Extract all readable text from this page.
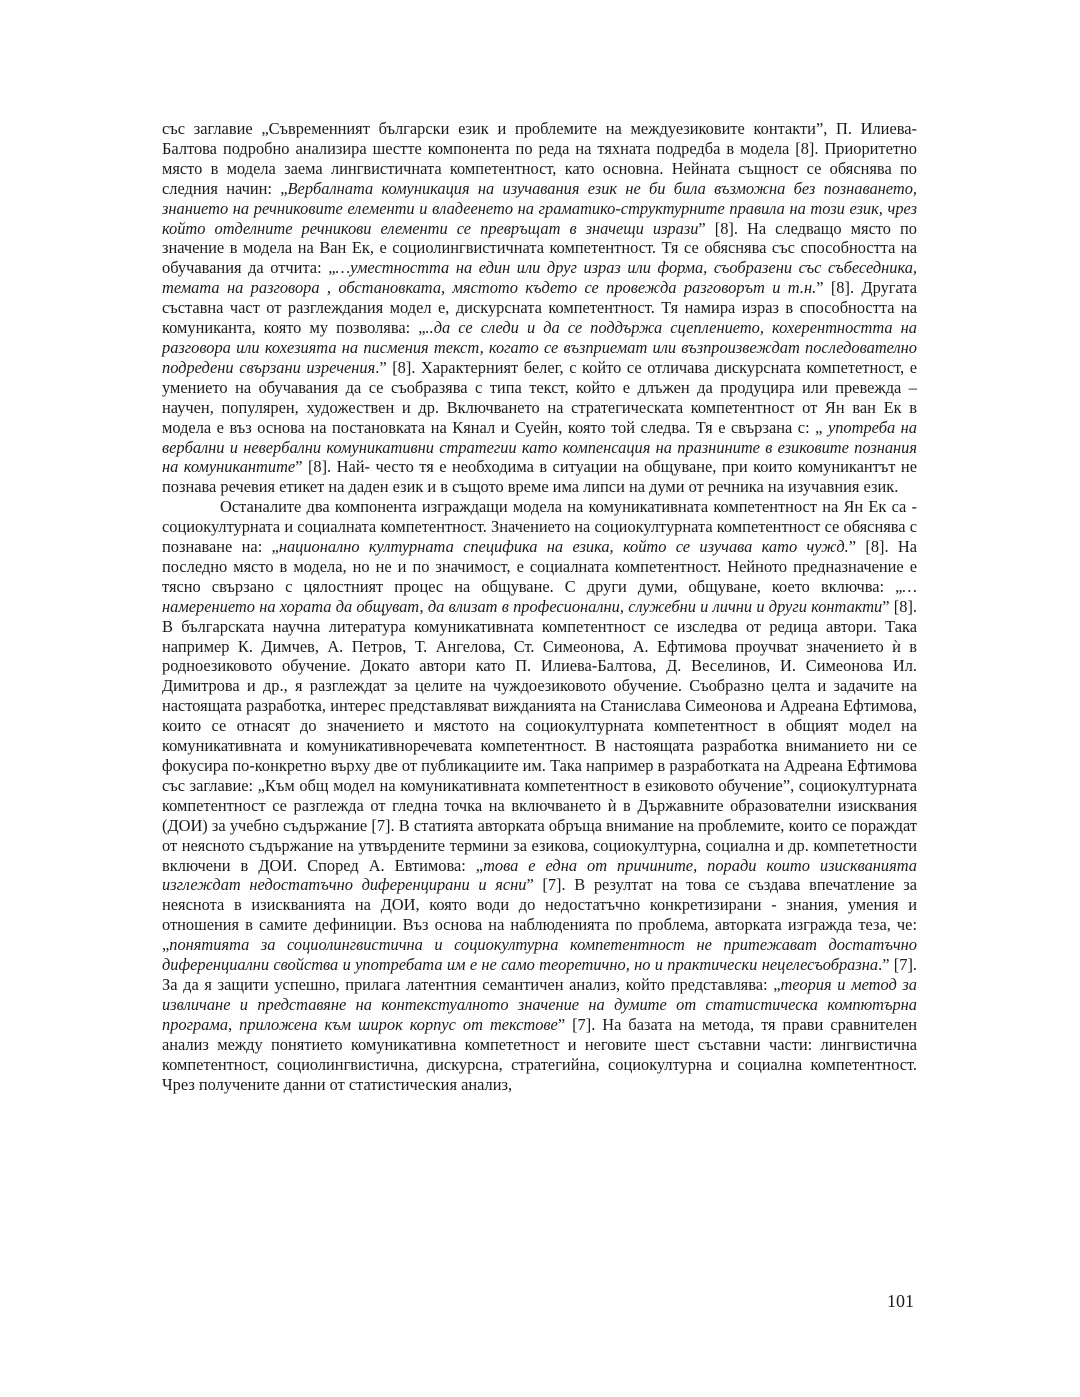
със заглавие „Съвременният български език и проблемите на междуезиковите контакти”, П. Илиева-Балтова подробно анализира шестте компонента по реда на тяхната подредба в модела [8]. Приоритетно място в модела заема лингвистичната компетентност, като основна. Нейната същност се обяснява по следния начин: „Вербалната комуникация на изучавания език не би била възможна без познаването, знанието на речниковите елементи и владеенето на граматико-структурните правила на този език, чрез който отделните речникови елементи се превръщат в значещи изрази” [8]. На следващо място по значение в модела на Ван Ек, е социолингвистичната компетентност. Тя се обяснява със способността на обучавания да отчита: „…уместността на един или друг израз или форма, съобразени със събеседника, темата на разговора , обстановката, мястото където се провежда разговорът и т.н.” [8]. Другата съставна част от разглеждания модел е, дискурсната компетентност. Тя намира израз в способността на комуниканта, която му позволява: „..да се следи и да се поддържа сцеплението, кохерентността на разговора или кохезията на писмения текст, когато се възприемат или възпроизвеждат последователно подредени свързани изречения.” [8]. Характерният белег, с който се отличава дискурсната компететност, е умението на обучавания да се съобразява с типа текст, който е длъжен да продуцира или превежда – научен, популярен, художествен и др. Включването на стратегическата компетентност от Ян ван Ек в модела е въз основа на постановката на Кянал и Суейн, която той следва. Тя е свързана с: „ употреба на вербални и невербални комуникативни стратегии като компенсация на празнините в езиковите познания на комуникантите” [8]. Най- често тя е необходима в ситуации на общуване, при които комуникантът не познава речевия етикет на даден език и в същото време има липси на думи от речника на изучавния език.

Останалите два компонента изграждащи модела на комуникативната компетентност на Ян Ек са - социокултурната и социалната компетентност. Значението на социокултурната компетентност се обяснява с познаване на: „национално културната специфика на езика, който се изучава като чужд.” [8]. На последно място в модела, но не и по значимост, е социалната компетентност. Нейното предназначение е тясно свързано с цялостният процес на общуване. С други думи, общуване, което включва: „…намерението на хората да общуват, да влизат в професионални, служебни и лични и други контакти” [8]. В българската научна литература комуникативната компетентност се изследва от редица автори. Така например К. Димчев, А. Петров, Т. Ангелова, Ст. Симеонова, А. Ефтимова проучват значението ѝ в родноезиковото обучение. Докато автори като П. Илиева-Балтова, Д. Веселинов, И. Симеонова Ил. Димитрова и др., я разглеждат за целите на чуждоезиковото обучение. Съобразно целта и задачите на настоящата разработка, интерес представляват вижданията на Станислава Симеонова и Адреана Ефтимова, които се отнасят до значението и мястото на социокултурната компетентност в общият модел на комуникативната и комуникативноречевата компетентност. В настоящата разработка вниманието ни се фокусира по-конкретно върху две от публикациите им. Така например в разработката на Адреана Ефтимова със заглавие: „Към общ модел на комуникативната компетентност в езиковото обучение”, социокултурната компетентност се разглежда от гледна точка на включването ѝ в Държавните образователни изисквания (ДОИ) за учебно съдържание [7]. В статията авторката обръща внимание на проблемите, които се пораждат от неясното съдържание на утвърдените термини за езикова, социокултурна, социална и др. компететности включени в ДОИ. Според А. Евтимова: „това е една от причините, поради които изискванията изглеждат недостатъчно диференцирани и ясни” [7]. В резултат на това се създава впечатление за неяснота в изискванията на ДОИ, която води до недостатъчно конкретизирани - знания, умения и отношения в самите дефиниции. Въз основа на наблюденията по проблема, авторката изгражда теза, че: „понятията за социолингвистична и социокултурна компетентност не притежават достатъчно диференциални свойства и употребата им е не само теоретично, но и практически нецелесъобразна.” [7]. За да я защити успешно, прилага латентния семантичен анализ, който представлява: „теория и метод за извличане и представяне на контекстуалното значение на думите от статистическа компютърна програма, приложена към широк корпус от текстове” [7]. На базата на метода, тя прави сравнителен анализ между понятието комуникативна компететност и неговите шест съставни части: лингвистична компетентност, социолингвистична, дискурсна, стратегийна, социокултурна и социална компетентност. Чрез получените данни от статистическия анализ,

101
